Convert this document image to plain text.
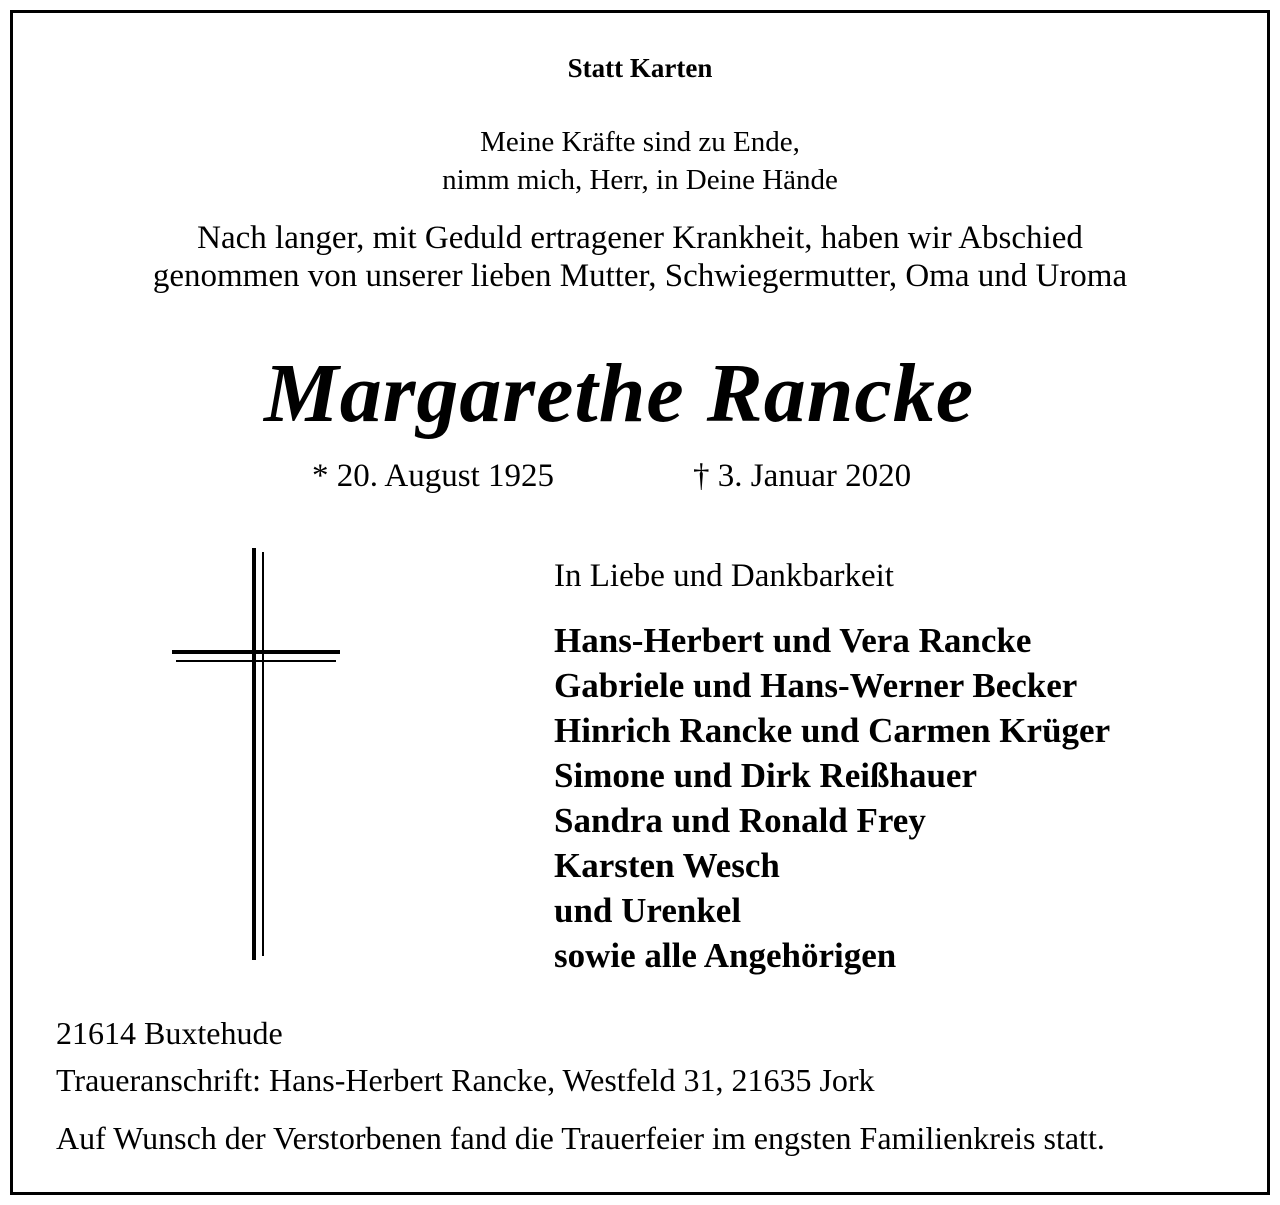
Statt Karten
Meine Kräfte sind zu Ende,
nimm mich, Herr, in Deine Hände
Nach langer, mit Geduld ertragener Krankheit, haben wir Abschied
genommen von unserer lieben Mutter, Schwiegermutter, Oma und Uroma
Margarethe Rancke
* 20. August 1925	† 3. Januar 2020
In Liebe und Dankbarkeit
Hans-Herbert und Vera Rancke
Gabriele und Hans-Werner Becker
Hinrich Rancke und Carmen Krüger
Simone und Dirk Reißhauer
Sandra und Ronald Frey
Karsten Wesch
und Urenkel
sowie alle Angehörigen
21614 Buxtehude
Traueranschrift: Hans-Herbert Rancke, Westfeld 31, 21635 Jork
Auf Wunsch der Verstorbenen fand die Trauerfeier im engsten Familienkreis statt.
